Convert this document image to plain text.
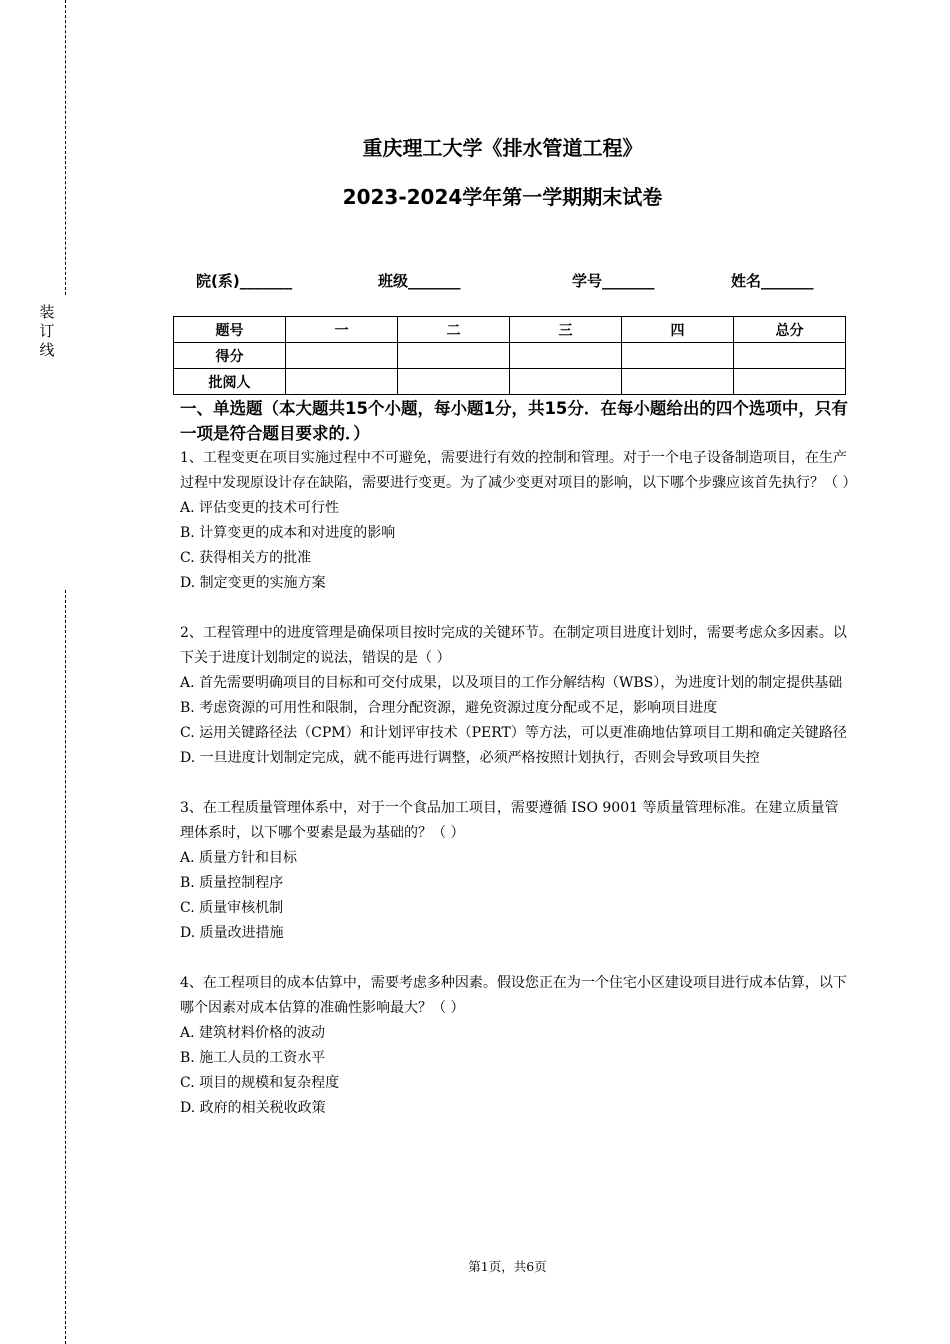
装订线
重庆理工大学《排水管道工程》
2023-2024学年第一学期期末试卷
院(系)_______	班级_______	学号_______	姓名_______
题号	一	二	三	四	总分
得分					
批阅人					

一、单选题（本大题共15个小题，每小题1分，共15分．在每小题给出的四个选项中，只有一项是符合题目要求的．）

1、工程变更在项目实施过程中不可避免，需要进行有效的控制和管理。对于一个电子设备制造项目，在生产过程中发现原设计存在缺陷，需要进行变更。为了减少变更对项目的影响，以下哪个步骤应该首先执行？（ ）

A. 评估变更的技术可行性

B. 计算变更的成本和对进度的影响

C. 获得相关方的批准

D. 制定变更的实施方案

2、工程管理中的进度管理是确保项目按时完成的关键环节。在制定项目进度计划时，需要考虑众多因素。以下关于进度计划制定的说法，错误的是（ ）

A. 首先需要明确项目的目标和可交付成果，以及项目的工作分解结构（WBS），为进度计划的制定提供基础

B. 考虑资源的可用性和限制，合理分配资源，避免资源过度分配或不足，影响项目进度

C. 运用关键路径法（CPM）和计划评审技术（PERT）等方法，可以更准确地估算项目工期和确定关键路径

D. 一旦进度计划制定完成，就不能再进行调整，必须严格按照计划执行，否则会导致项目失控

3、在工程质量管理体系中，对于一个食品加工项目，需要遵循 ISO 9001 等质量管理标准。在建立质量管理体系时，以下哪个要素是最为基础的？（ ）

A. 质量方针和目标

B. 质量控制程序

C. 质量审核机制

D. 质量改进措施

4、在工程项目的成本估算中，需要考虑多种因素。假设您正在为一个住宅小区建设项目进行成本估算，以下哪个因素对成本估算的准确性影响最大？（ ）

A. 建筑材料价格的波动

B. 施工人员的工资水平

C. 项目的规模和复杂程度

D. 政府的相关税收政策

第1页，共6页
